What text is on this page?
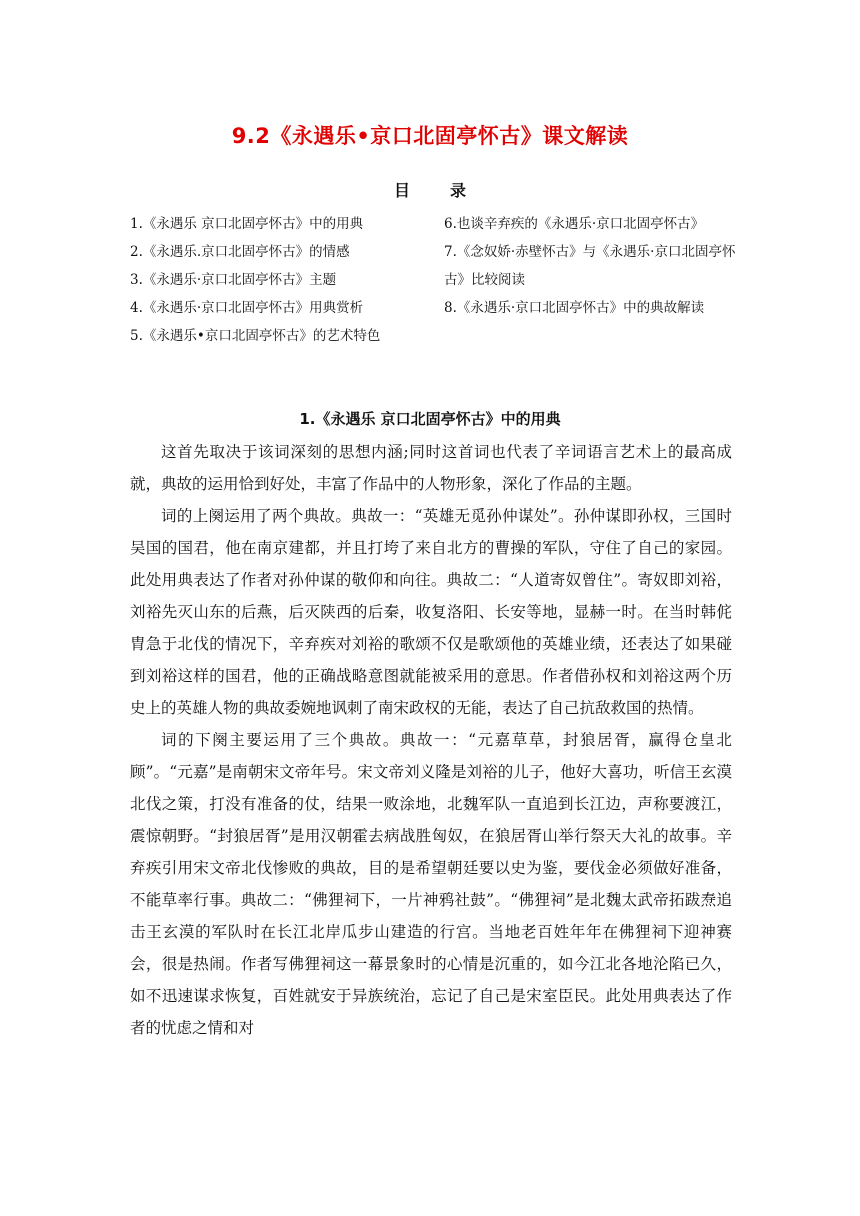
9.2《永遇乐•京口北固亭怀古》课文解读
目	录
1.《永遇乐 京口北固亭怀古》中的用典
2.《永遇乐.京口北固亭怀古》的情感
3.《永遇乐·京口北固亭怀古》主题
4.《永遇乐·京口北固亭怀古》用典赏析
5.《永遇乐•京口北固亭怀古》的艺术特色
6.也谈辛弃疾的《永遇乐·京口北固亭怀古》
7.《念奴娇·赤壁怀古》与《永遇乐·京口北固亭怀古》比较阅读
8.《永遇乐·京口北固亭怀古》中的典故解读
1.《永遇乐 京口北固亭怀古》中的用典

这首先取决于该词深刻的思想内涵;同时这首词也代表了辛词语言艺术上的最高成就，典故的运用恰到好处，丰富了作品中的人物形象，深化了作品的主题。

词的上阕运用了两个典故。典故一：“英雄无觅孙仲谋处”。孙仲谋即孙权，三国时吴国的国君，他在南京建都，并且打垮了来自北方的曹操的军队，守住了自己的家园。此处用典表达了作者对孙仲谋的敬仰和向往。典故二：“人道寄奴曾住”。寄奴即刘裕，刘裕先灭山东的后燕，后灭陕西的后秦，收复洛阳、长安等地，显赫一时。在当时韩侂胄急于北伐的情况下，辛弃疾对刘裕的歌颂不仅是歌颂他的英雄业绩，还表达了如果碰到刘裕这样的国君，他的正确战略意图就能被采用的意思。作者借孙权和刘裕这两个历史上的英雄人物的典故委婉地讽刺了南宋政权的无能，表达了自己抗敌救国的热情。

词的下阕主要运用了三个典故。典故一：“元嘉草草，封狼居胥，赢得仓皇北顾”。“元嘉”是南朝宋文帝年号。宋文帝刘义隆是刘裕的儿子，他好大喜功，听信王玄漠北伐之策，打没有准备的仗，结果一败涂地，北魏军队一直追到长江边，声称要渡江，震惊朝野。“封狼居胥”是用汉朝霍去病战胜匈奴，在狼居胥山举行祭天大礼的故事。辛弃疾引用宋文帝北伐惨败的典故，目的是希望朝廷要以史为鉴，要伐金必须做好准备，不能草率行事。典故二：“佛狸祠下，一片神鸦社鼓”。“佛狸祠”是北魏太武帝拓跋焘追击王玄漠的军队时在长江北岸瓜步山建造的行宫。当地老百姓年年在佛狸祠下迎神赛会，很是热闹。作者写佛狸祠这一幕景象时的心情是沉重的，如今江北各地沦陷已久，如不迅速谋求恢复，百姓就安于异族统治，忘记了自己是宋室臣民。此处用典表达了作者的忧虑之情和对
